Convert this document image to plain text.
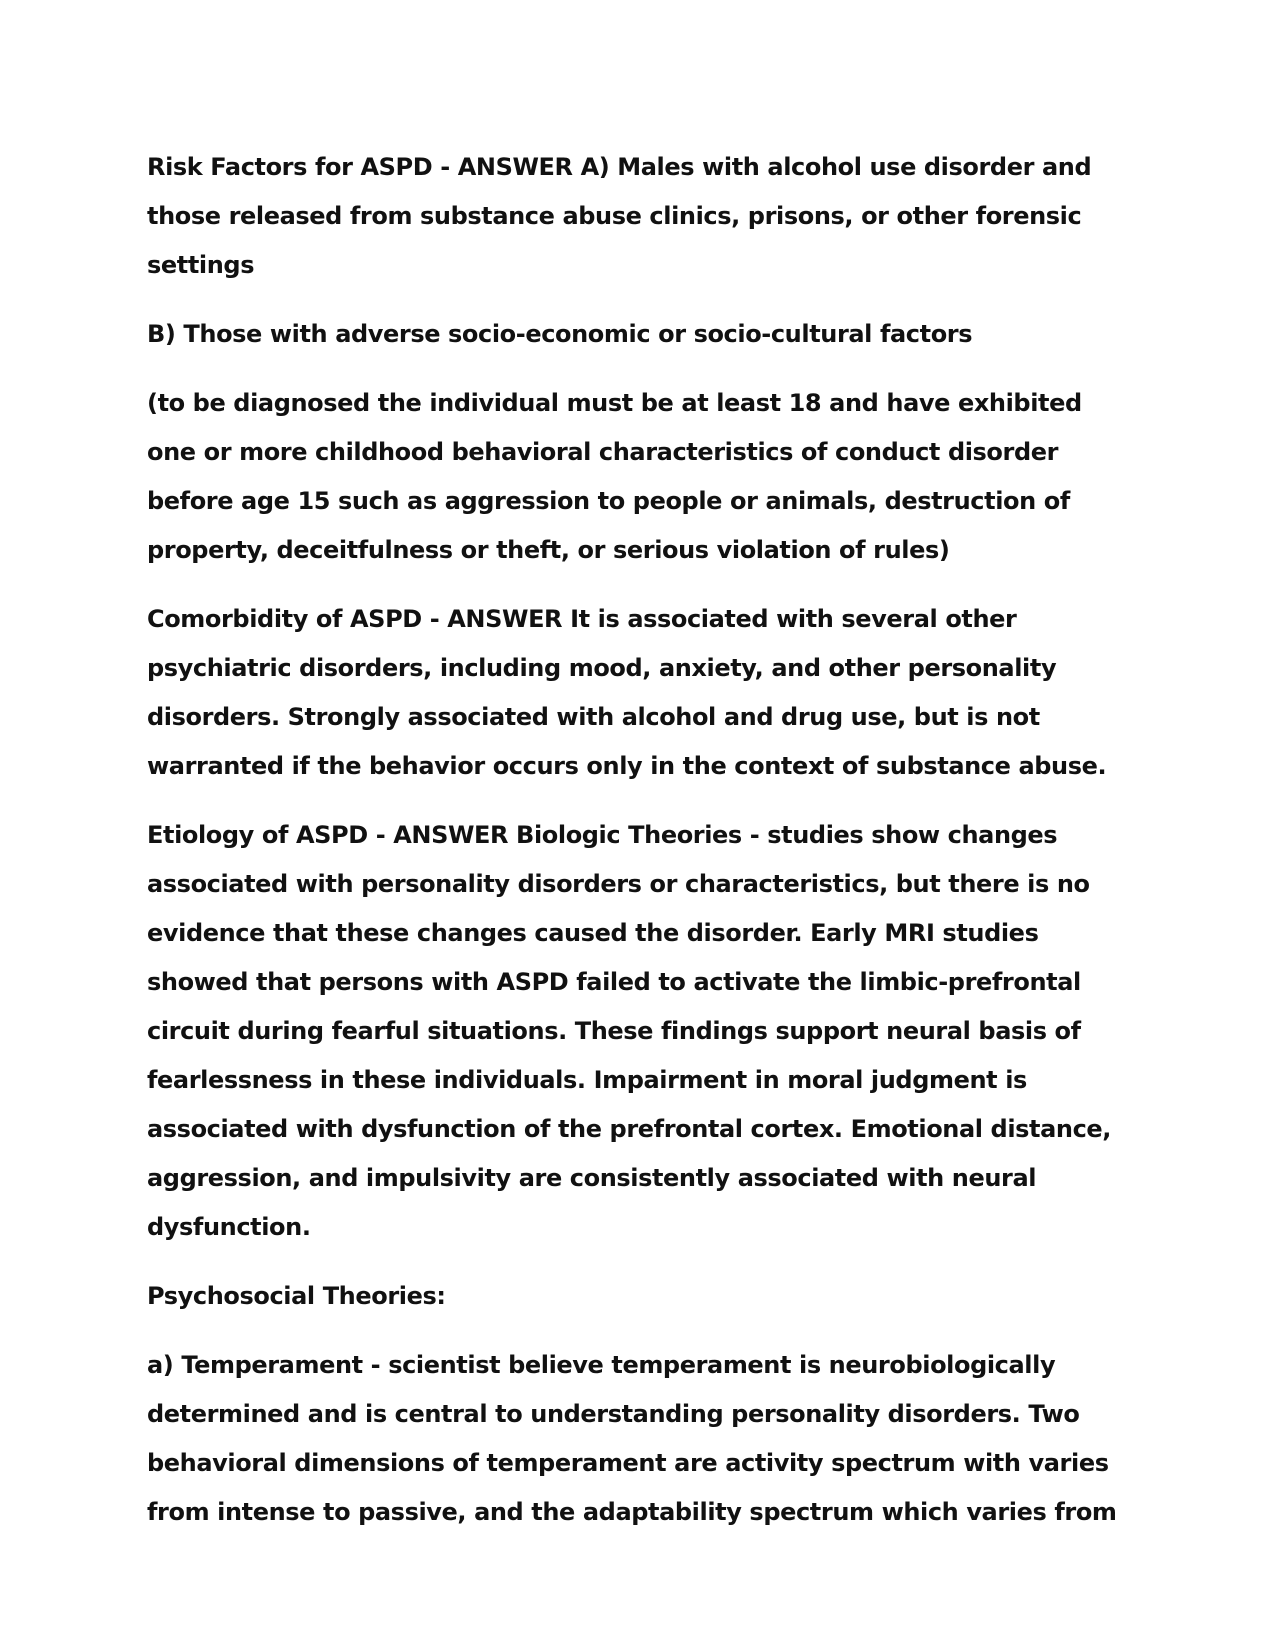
Risk Factors for ASPD - ANSWER A) Males with alcohol use disorder and those released from substance abuse clinics, prisons, or other forensic settings

B) Those with adverse socio-economic or socio-cultural factors

(to be diagnosed the individual must be at least 18 and have exhibited one or more childhood behavioral characteristics of conduct disorder before age 15 such as aggression to people or animals, destruction of property, deceitfulness or theft, or serious violation of rules)

Comorbidity of ASPD - ANSWER It is associated with several other psychiatric disorders, including mood, anxiety, and other personality disorders. Strongly associated with alcohol and drug use, but is not warranted if the behavior occurs only in the context of substance abuse.

Etiology of ASPD - ANSWER Biologic Theories - studies show changes associated with personality disorders or characteristics, but there is no evidence that these changes caused the disorder. Early MRI studies showed that persons with ASPD failed to activate the limbic-prefrontal circuit during fearful situations. These findings support neural basis of fearlessness in these individuals. Impairment in moral judgment is associated with dysfunction of the prefrontal cortex. Emotional distance, aggression, and impulsivity are consistently associated with neural dysfunction.

Psychosocial Theories:

a) Temperament - scientist believe temperament is neurobiologically determined and is central to understanding personality disorders. Two behavioral dimensions of temperament are activity spectrum with varies from intense to passive, and the adaptability spectrum which varies from
